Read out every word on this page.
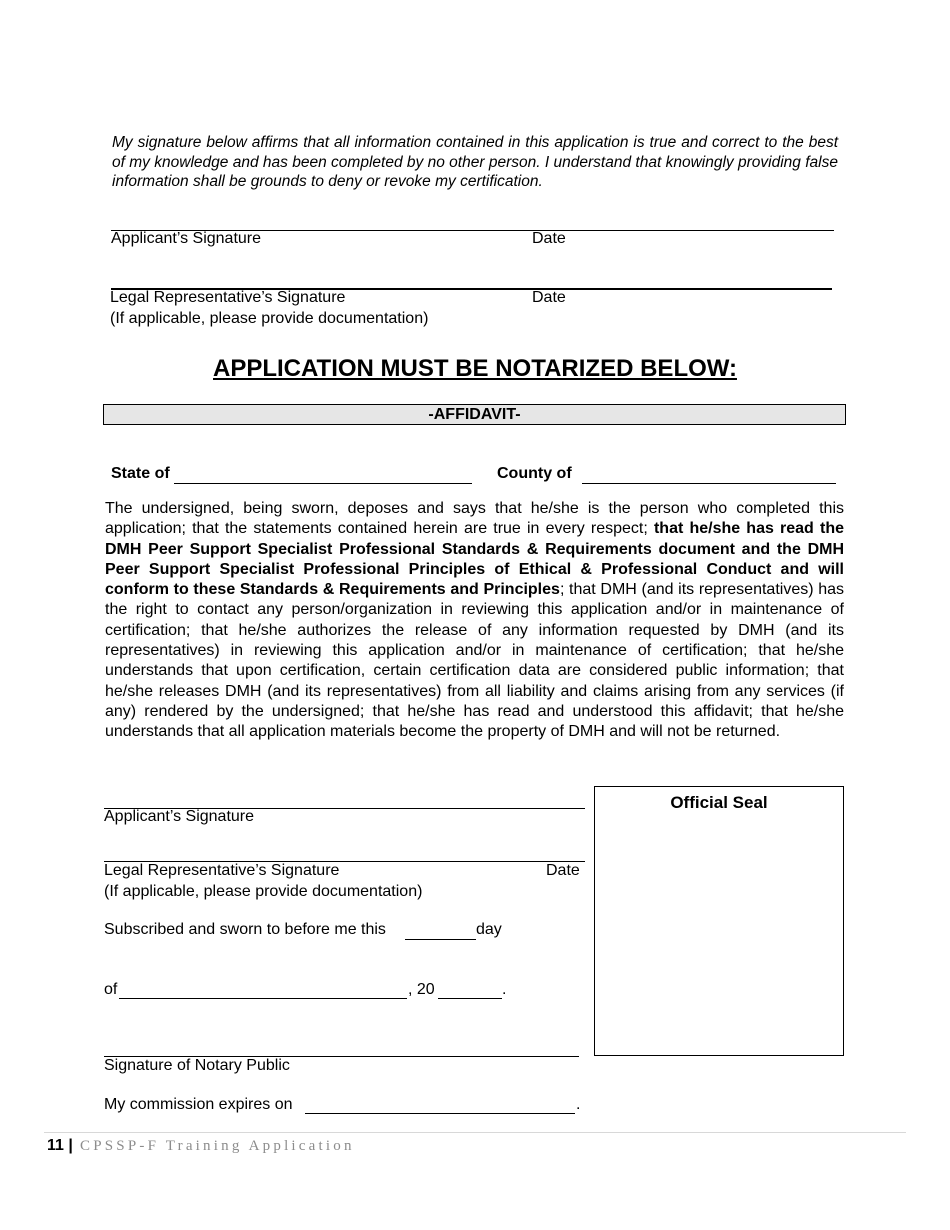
My signature below affirms that all information contained in this application is true and correct to the best of my knowledge and has been completed by no other person. I understand that knowingly providing false information shall be grounds to deny or revoke my certification.
Applicant’s Signature	Date
Legal Representative’s Signature	Date
(If applicable, please provide documentation)
APPLICATION MUST BE NOTARIZED BELOW:
-AFFIDAVIT-
State of	County of
The undersigned, being sworn, deposes and says that he/she is the person who completed this application; that the statements contained herein are true in every respect; that he/she has read the DMH Peer Support Specialist Professional Standards & Requirements document and the DMH Peer Support Specialist Professional Principles of Ethical & Professional Conduct and will conform to these Standards & Requirements and Principles; that DMH (and its representatives) has the right to contact any person/organization in reviewing this application and/or in maintenance of certification; that he/she authorizes the release of any information requested by DMH (and its representatives) in reviewing this application and/or in maintenance of certification; that he/she understands that upon certification, certain certification data are considered public information; that he/she releases DMH (and its representatives) from all liability and claims arising from any services (if any) rendered by the undersigned; that he/she has read and understood this affidavit; that he/she understands that all application materials become the property of DMH and will not be returned.
Applicant’s Signature
Legal Representative’s Signature	Date
(If applicable, please provide documentation)
Subscribed and sworn to before me this	day
of	, 20	.
Signature of Notary Public
My commission expires on	.
Official Seal
11 | CPSSP-F Training Application
